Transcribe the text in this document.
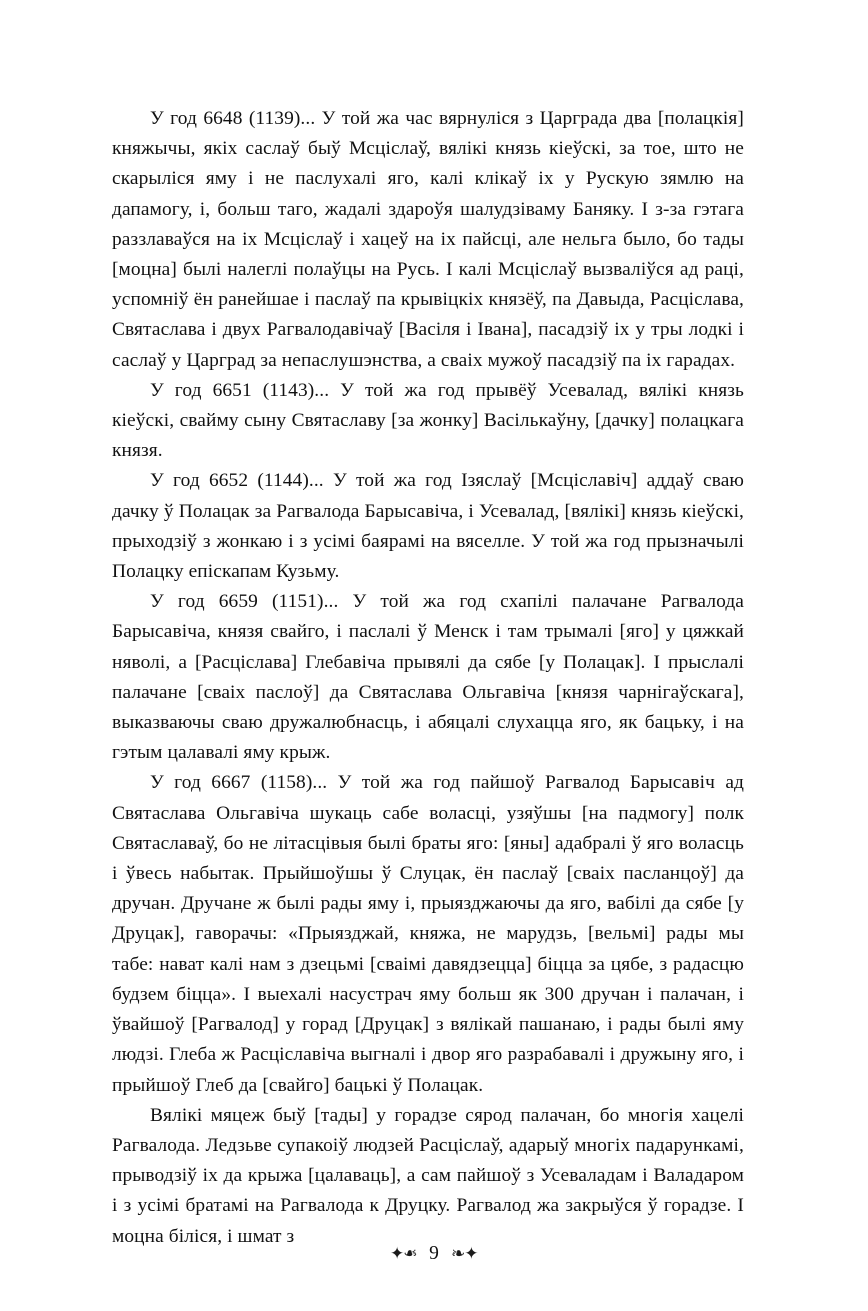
У год 6648 (1139)... У той жа час вярнуліся з Царграда два [полацкія] княжычы, якіх саслаў быў Мсціслаў, вялікі князь кіеўскі, за тое, што не скарыліся яму і не паслухалі яго, калі клікаў іх у Рускую зямлю на дапамогу, і, больш таго, жадалі здароўя шалудзіваму Баняку. І з-за гэтага раззлаваўся на іх Мсціслаў і хацеў на іх пайсці, але нельга было, бо тады [моцна] былі налеглі полаўцы на Русь. І калі Мсціслаў вызваліўся ад раці, успомніў ён ранейшае і паслаў па крывіцкіх князёў, па Давыда, Расціслава, Святаслава і двух Рагвалодавічаў [Васіля і Івана], пасадзіў іх у тры лодкі і саслаў у Царград за непаслушэнства, а сваіх мужоў пасадзіў па іх гарадах.

У год 6651 (1143)... У той жа год прывёў Усевалад, вялікі князь кіеўскі, свайму сыну Святаславу [за жонку] Васількаўну, [дачку] полацкага князя.

У год 6652 (1144)... У той жа год Ізяслаў [Мсціславіч] аддаў сваю дачку ў Полацак за Рагвалода Барысавіча, і Усевалад, [вялікі] князь кіеўскі, прыходзіў з жонкаю і з усімі баярамі на вяселле. У той жа год прызначылі Полацку епіскапам Кузьму.

У год 6659 (1151)... У той жа год схапілі палачане Рагвалода Барысавіча, князя свайго, і паслалі ў Менск і там трымалі [яго] у цяжкай няволі, а [Расціслава] Глебавіча прывялі да сябе [у Полацак]. І прыслалі палачане [сваіх паслоў] да Святаслава Ольгавіча [князя чарнігаўскага], выказваючы сваю дружалюбнасць, і абяцалі слухацца яго, як бацьку, і на гэтым цалавалі яму крыж.

У год 6667 (1158)... У той жа год пайшоў Рагвалод Барысавіч ад Святаслава Ольгавіча шукаць сабе воласці, узяўшы [на падмогу] полк Святаславаў, бо не літасцівыя былі браты яго: [яны] адабралі ў яго воласць і ўвесь набытак. Прыйшоўшы ў Слуцак, ён паслаў [сваіх пасланцоў] да дручан. Дручане ж былі рады яму і, прыязджаючы да яго, вабілі да сябе [у Друцак], гаворачы: «Прыязджай, княжа, не марудзь, [вельмі] рады мы табе: нават калі нам з дзецьмі [сваімі давядзецца] біцца за цябе, з радасцю будзем біцца». І выехалі насустрач яму больш як 300 дручан і палачан, і ўвайшоў [Рагвалод] у горад [Друцак] з вялікай пашанаю, і рады былі яму людзі. Глеба ж Расціславіча выгналі і двор яго разрабавалі і дружыну яго, і прыйшоў Глеб да [свайго] бацькі ў Полацак.

Вялікі мяцеж быў [тады] у горадзе сярод палачан, бо многія хацелі Рагвалода. Ледзьве супакоіў людзей Расціслаў, адарыў многіх падарункамі, прыводзіў іх да крыжа [цалаваць], а сам пайшоў з Усеваладам і Валадаром і з усімі братамі на Рагвалода к Друцку. Рагвалод жа закрыўся ў горадзе. І моцна біліся, і шмат з

❧✦ 9 ❧✦
